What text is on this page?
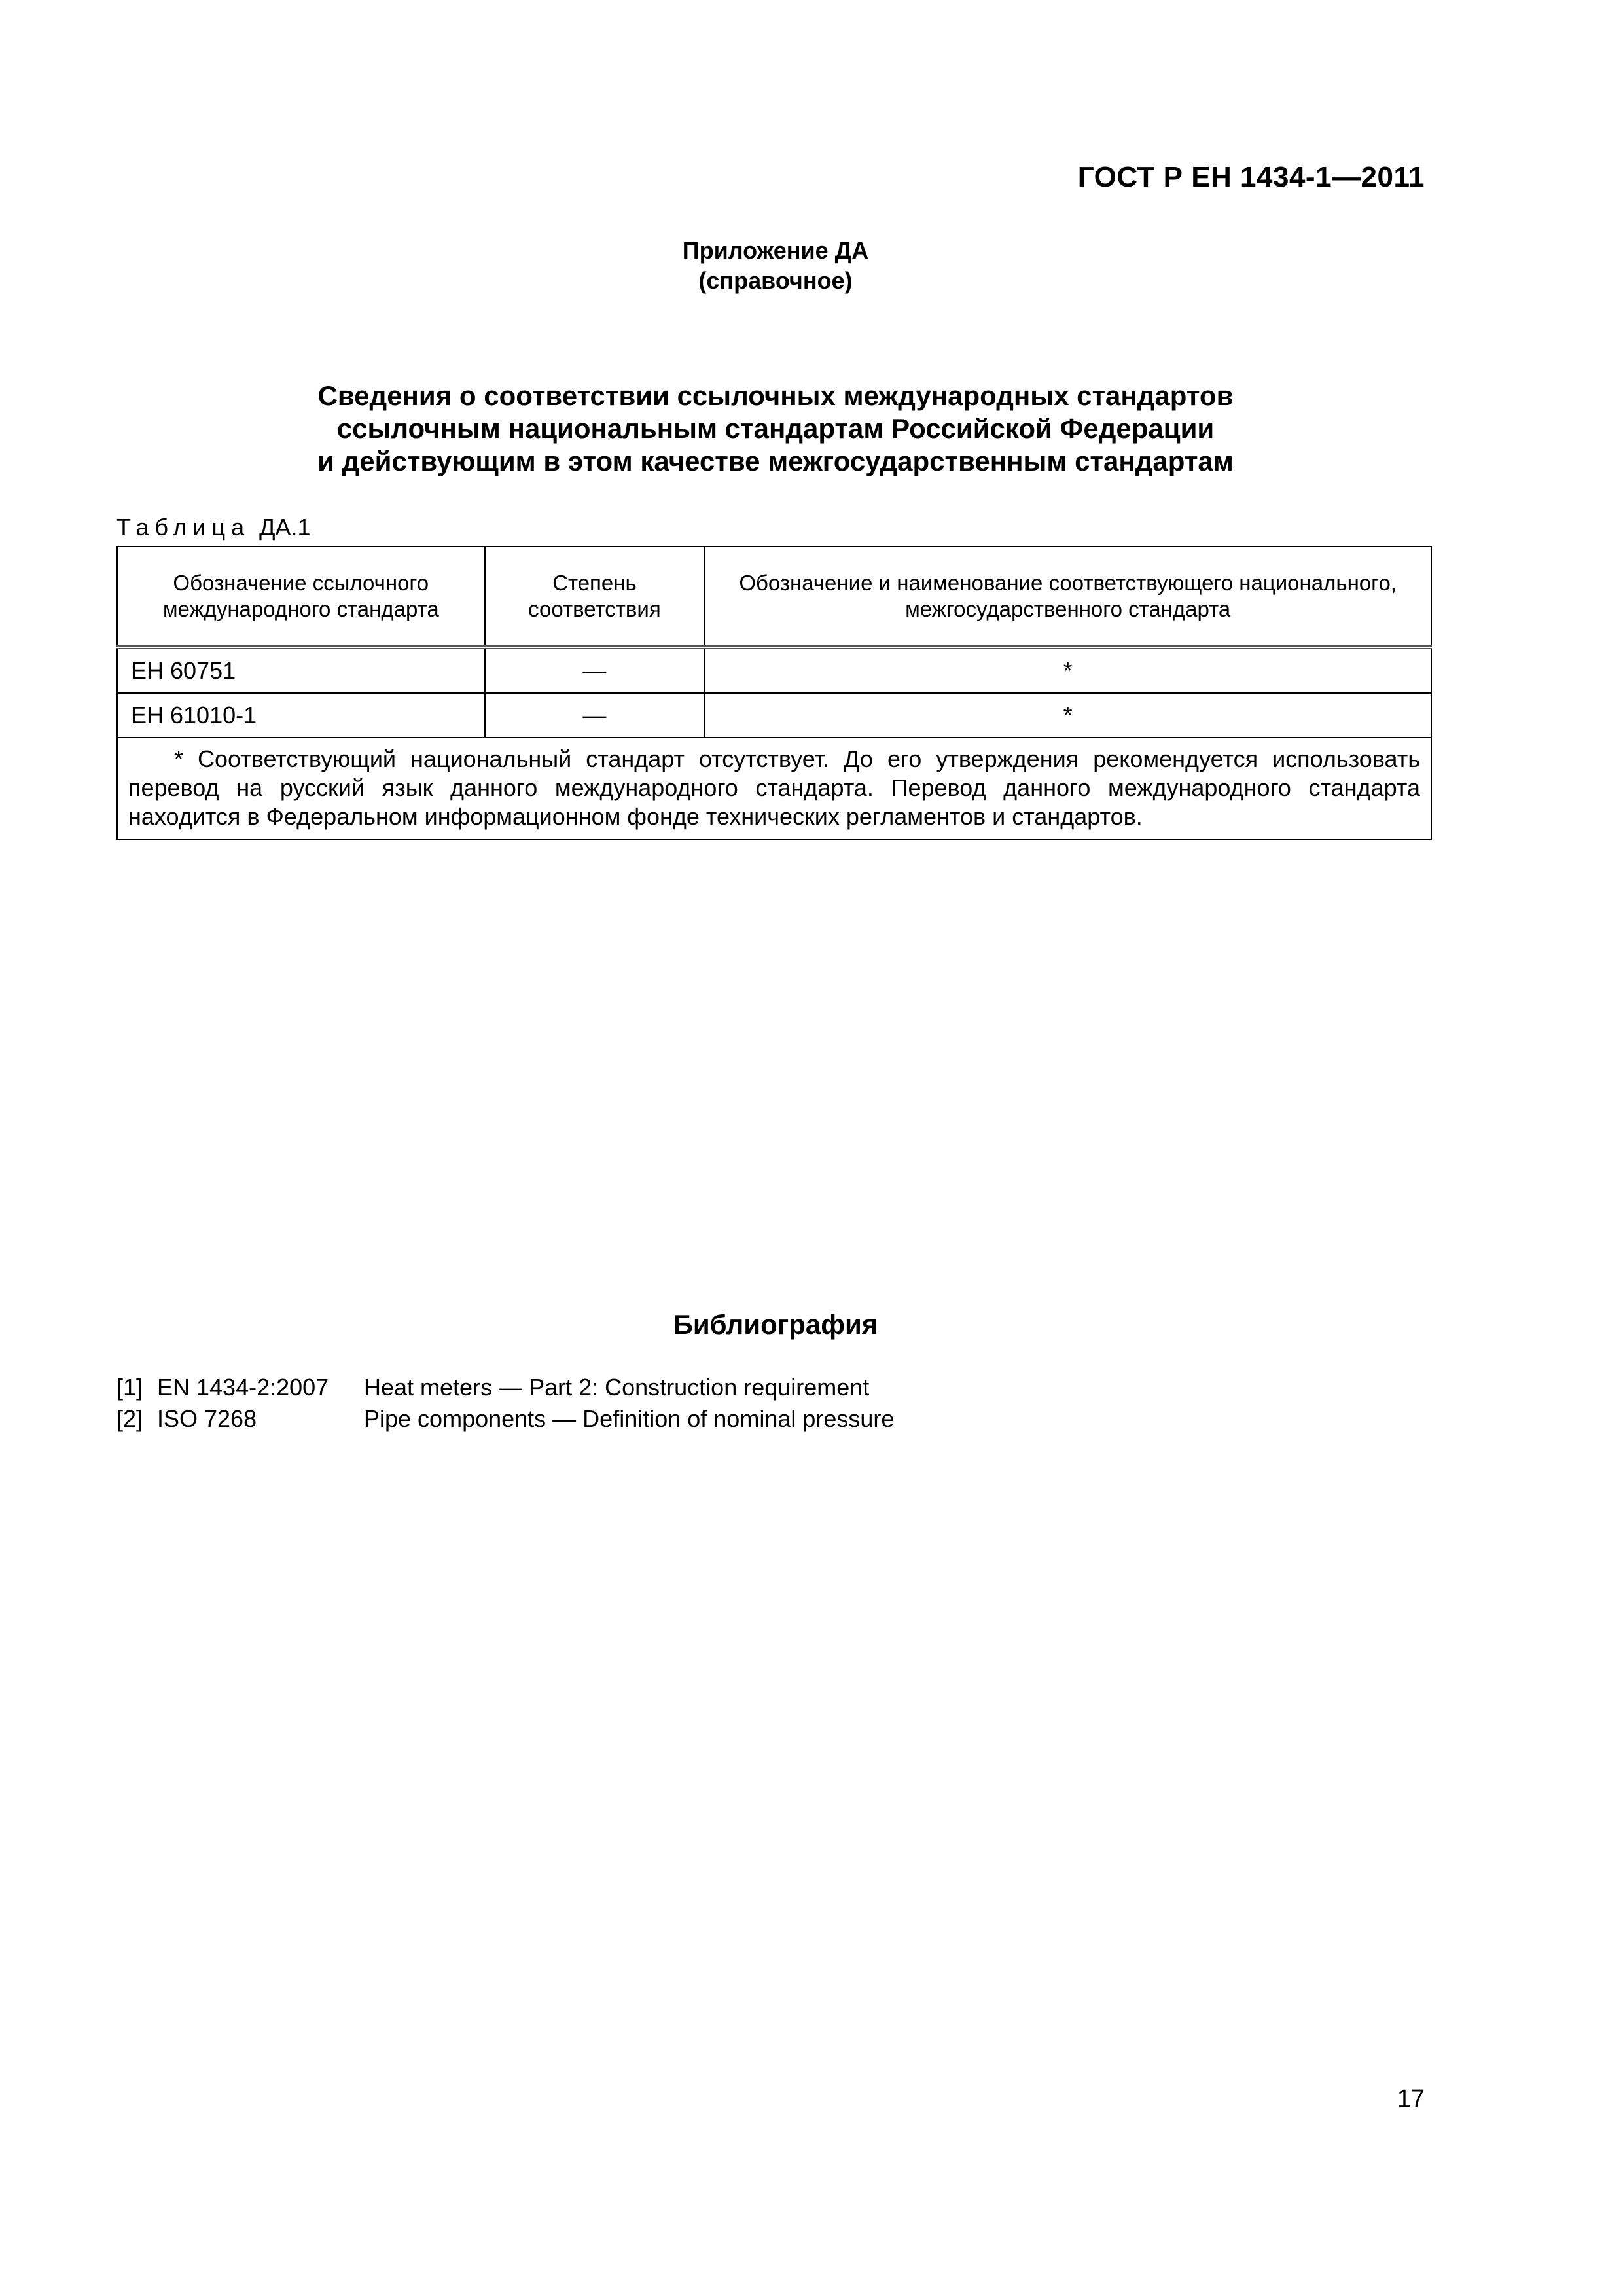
ГОСТ Р ЕН 1434-1—2011
Приложение ДА
(справочное)
Сведения о соответствии ссылочных международных стандартов
ссылочным национальным стандартам Российской Федерации
и действующим в этом качестве межгосударственным стандартам
Таблица ДА.1
Обозначение ссылочного международного стандарта	Степень соответствия	Обозначение и наименование соответствующего национального, межгосударственного стандарта
ЕН 60751	—	*
ЕН 61010-1	—	*
* Соответствующий национальный стандарт отсутствует. До его утверждения рекомендуется использовать перевод на русский язык данного международного стандарта. Перевод данного международного стандарта находится в Федеральном информационном фонде технических регламентов и стандартов.		
Библиография
[1] EN 1434-2:2007	Heat meters — Part 2: Construction requirement
[2] ISO 7268	Pipe components — Definition of nominal pressure
17
